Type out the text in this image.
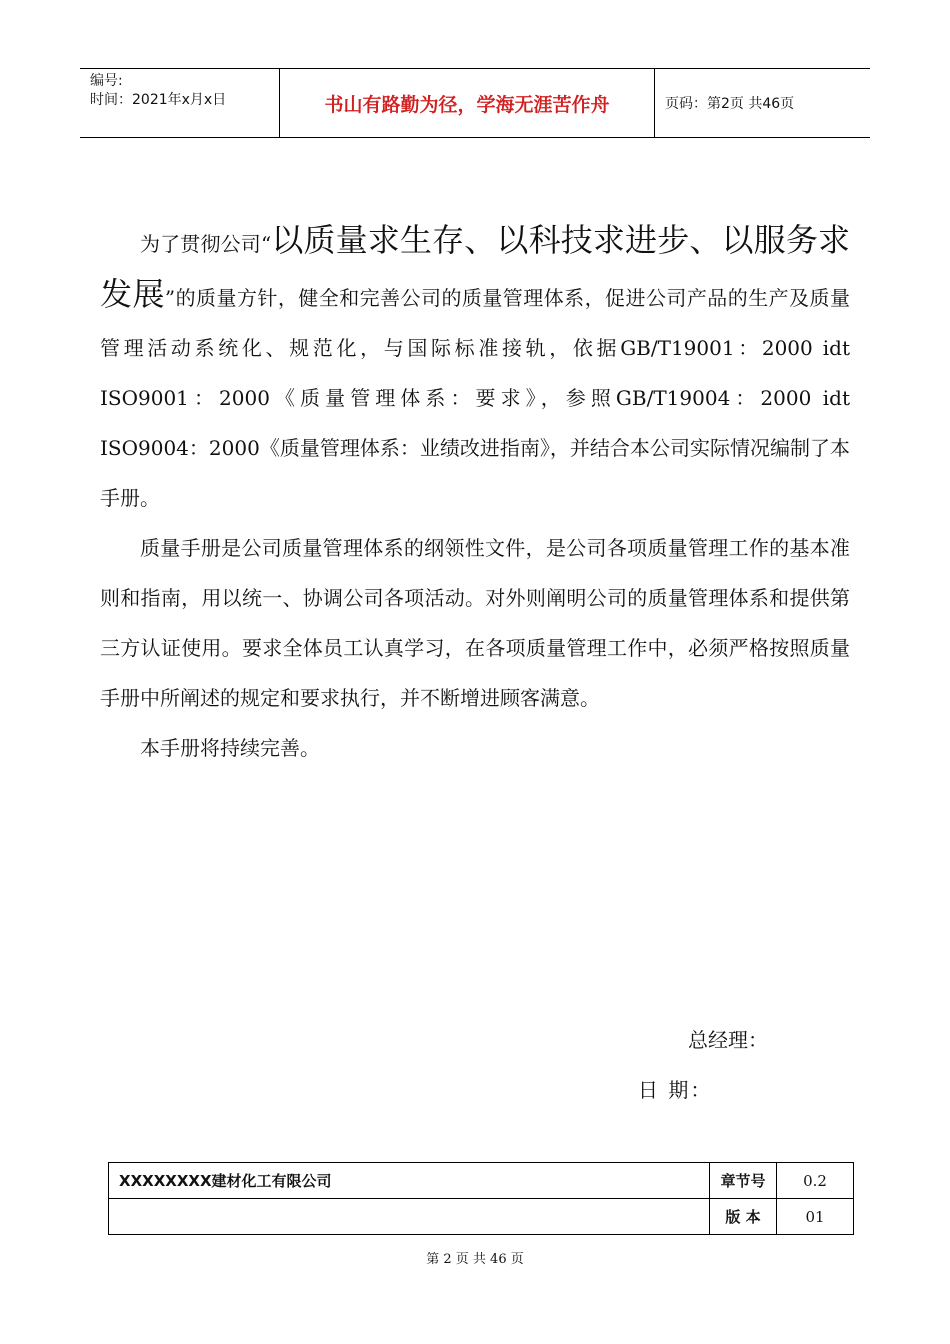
编号:
时间：2021年x月x日	书山有路勤为径，学海无涯苦作舟	页码：第2页 共46页

为了贯彻公司“以质量求生存、以科技求进步、以服务求发展”的质量方针，健全和完善公司的质量管理体系，促进公司产品的生产及质量管理活动系统化、规范化，与国际标准接轨，依据GB/T19001：2000 idt ISO9001：2000《质量管理体系：要求》，参照GB/T19004：2000 idt ISO9004：2000《质量管理体系：业绩改进指南》，并结合本公司实际情况编制了本手册。

质量手册是公司质量管理体系的纲领性文件，是公司各项质量管理工作的基本准则和指南，用以统一、协调公司各项活动。对外则阐明公司的质量管理体系和提供第三方认证使用。要求全体员工认真学习，在各项质量管理工作中，必须严格按照质量手册中所阐述的规定和要求执行，并不断增进顾客满意。

本手册将持续完善。

总经理：
日 期：
XXXXXXXX建材化工有限公司	章节号	0.2
	版 本	01
第 2 页 共 46 页
